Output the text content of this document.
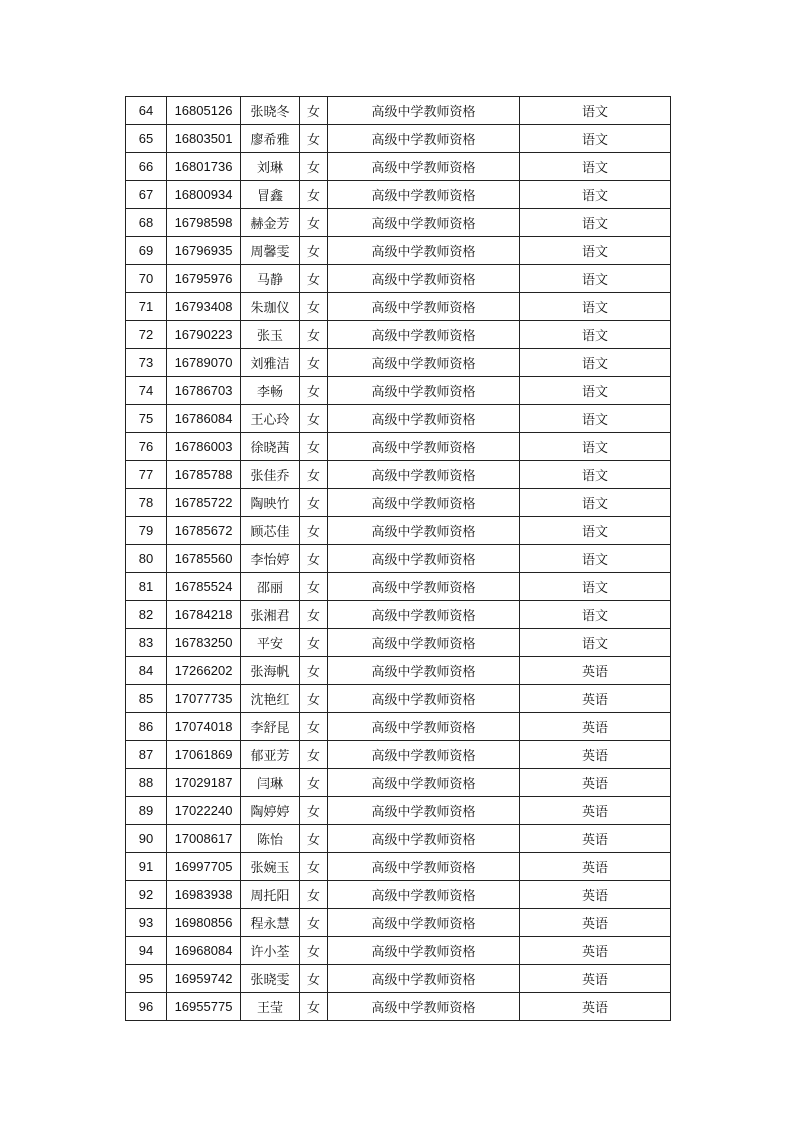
64	16805126	张晓冬	女	高级中学教师资格	语文
65	16803501	廖希雅	女	高级中学教师资格	语文
66	16801736	刘琳	女	高级中学教师资格	语文
67	16800934	冒鑫	女	高级中学教师资格	语文
68	16798598	赫金芳	女	高级中学教师资格	语文
69	16796935	周馨雯	女	高级中学教师资格	语文
70	16795976	马静	女	高级中学教师资格	语文
71	16793408	朱珈仪	女	高级中学教师资格	语文
72	16790223	张玉	女	高级中学教师资格	语文
73	16789070	刘雅洁	女	高级中学教师资格	语文
74	16786703	李畅	女	高级中学教师资格	语文
75	16786084	王心玲	女	高级中学教师资格	语文
76	16786003	徐晓茜	女	高级中学教师资格	语文
77	16785788	张佳乔	女	高级中学教师资格	语文
78	16785722	陶映竹	女	高级中学教师资格	语文
79	16785672	顾芯佳	女	高级中学教师资格	语文
80	16785560	李怡婷	女	高级中学教师资格	语文
81	16785524	邵丽	女	高级中学教师资格	语文
82	16784218	张湘君	女	高级中学教师资格	语文
83	16783250	平安	女	高级中学教师资格	语文
84	17266202	张海帆	女	高级中学教师资格	英语
85	17077735	沈艳红	女	高级中学教师资格	英语
86	17074018	李舒昆	女	高级中学教师资格	英语
87	17061869	郁亚芳	女	高级中学教师资格	英语
88	17029187	闫琳	女	高级中学教师资格	英语
89	17022240	陶婷婷	女	高级中学教师资格	英语
90	17008617	陈怡	女	高级中学教师资格	英语
91	16997705	张婉玉	女	高级中学教师资格	英语
92	16983938	周托阳	女	高级中学教师资格	英语
93	16980856	程永慧	女	高级中学教师资格	英语
94	16968084	许小荃	女	高级中学教师资格	英语
95	16959742	张晓雯	女	高级中学教师资格	英语
96	16955775	王莹	女	高级中学教师资格	英语
